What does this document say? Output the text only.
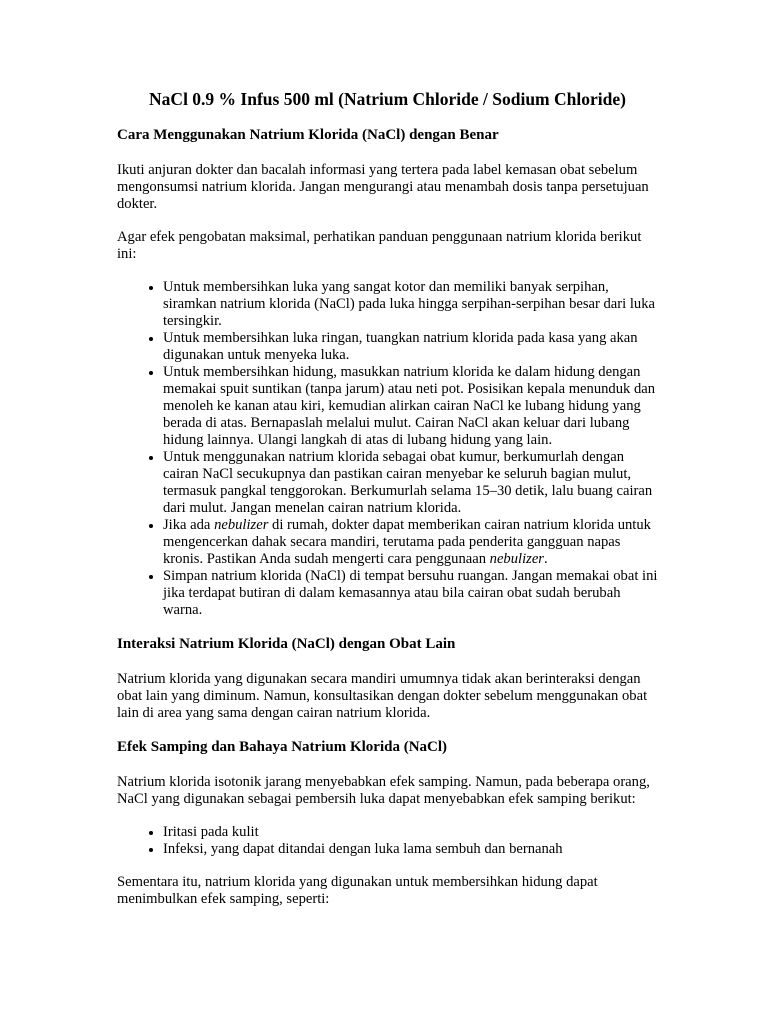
NaCl 0.9 % Infus 500 ml (Natrium Chloride / Sodium Chloride)
Cara Menggunakan Natrium Klorida (NaCl) dengan Benar

Ikuti anjuran dokter dan bacalah informasi yang tertera pada label kemasan obat sebelum mengonsumsi natrium klorida. Jangan mengurangi atau menambah dosis tanpa persetujuan dokter.

Agar efek pengobatan maksimal, perhatikan panduan penggunaan natrium klorida berikut ini:

• Untuk membersihkan luka yang sangat kotor dan memiliki banyak serpihan, siramkan natrium klorida (NaCl) pada luka hingga serpihan-serpihan besar dari luka tersingkir.
• Untuk membersihkan luka ringan, tuangkan natrium klorida pada kasa yang akan digunakan untuk menyeka luka.
• Untuk membersihkan hidung, masukkan natrium klorida ke dalam hidung dengan memakai spuit suntikan (tanpa jarum) atau neti pot. Posisikan kepala menunduk dan menoleh ke kanan atau kiri, kemudian alirkan cairan NaCl ke lubang hidung yang berada di atas. Bernapaslah melalui mulut. Cairan NaCl akan keluar dari lubang hidung lainnya. Ulangi langkah di atas di lubang hidung yang lain.
• Untuk menggunakan natrium klorida sebagai obat kumur, berkumurlah dengan cairan NaCl secukupnya dan pastikan cairan menyebar ke seluruh bagian mulut, termasuk pangkal tenggorokan. Berkumurlah selama 15–30 detik, lalu buang cairan dari mulut. Jangan menelan cairan natrium klorida.
• Jika ada nebulizer di rumah, dokter dapat memberikan cairan natrium klorida untuk mengencerkan dahak secara mandiri, terutama pada penderita gangguan napas kronis. Pastikan Anda sudah mengerti cara penggunaan nebulizer.
• Simpan natrium klorida (NaCl) di tempat bersuhu ruangan. Jangan memakai obat ini jika terdapat butiran di dalam kemasannya atau bila cairan obat sudah berubah warna.
Interaksi Natrium Klorida (NaCl) dengan Obat Lain

Natrium klorida yang digunakan secara mandiri umumnya tidak akan berinteraksi dengan obat lain yang diminum. Namun, konsultasikan dengan dokter sebelum menggunakan obat lain di area yang sama dengan cairan natrium klorida.

Efek Samping dan Bahaya Natrium Klorida (NaCl)

Natrium klorida isotonik jarang menyebabkan efek samping. Namun, pada beberapa orang, NaCl yang digunakan sebagai pembersih luka dapat menyebabkan efek samping berikut:

• Iritasi pada kulit
• Infeksi, yang dapat ditandai dengan luka lama sembuh dan bernanah

Sementara itu, natrium klorida yang digunakan untuk membersihkan hidung dapat menimbulkan efek samping, seperti:
